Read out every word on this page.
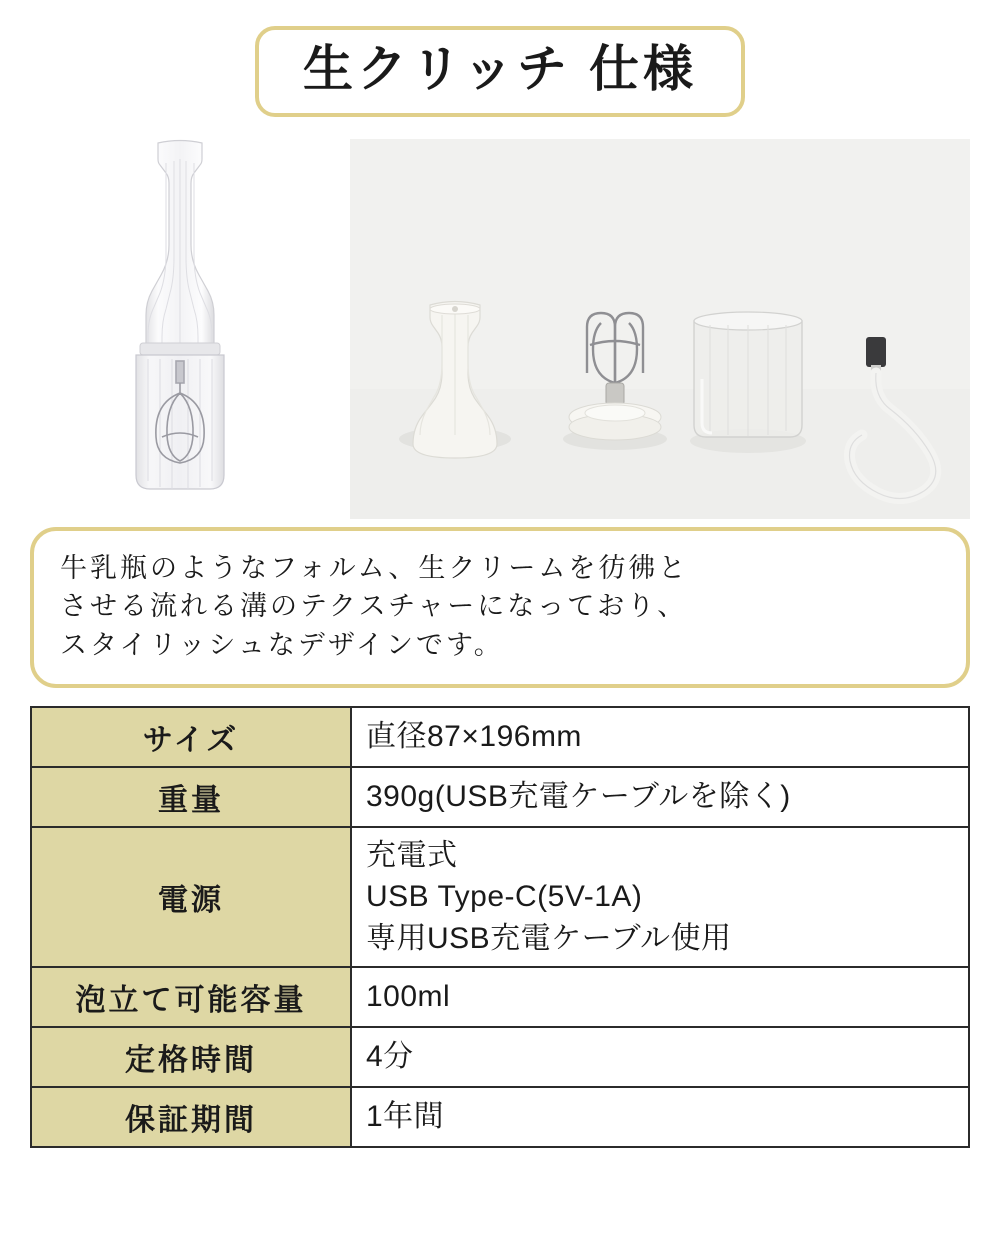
生クリッチ 仕様
牛乳瓶のようなフォルム、生クリームを彷彿と
させる流れる溝のテクスチャーになっており、
スタイリッシュなデザインです。
サイズ	直径87×196mm

重量	390g(USB充電ケーブルを除く)

電源	充電式
USB Type-C(5V-1A)
専用USB充電ケーブル使用

泡立て可能容量	100ml

定格時間	4分

保証期間	1年間
